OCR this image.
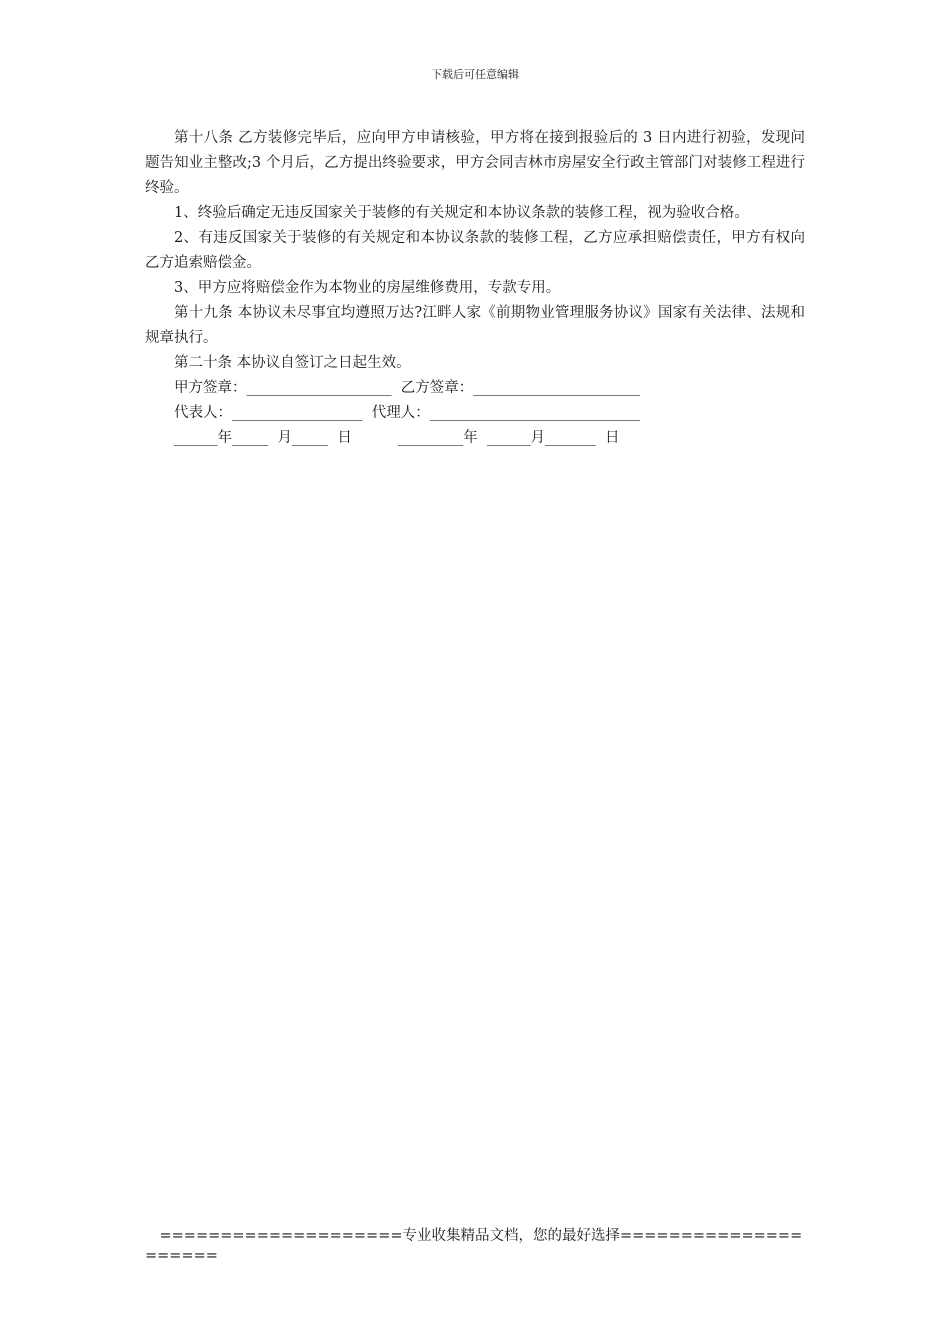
下载后可任意编辑

第十八条 乙方装修完毕后，应向甲方申请核验，甲方将在接到报验后的 3 日内进行初验，发现问题告知业主整改;3 个月后，乙方提出终验要求，甲方会同吉林市房屋安全行政主管部门对装修工程进行终验。

1、终验后确定无违反国家关于装修的有关规定和本协议条款的装修工程，视为验收合格。

2、有违反国家关于装修的有关规定和本协议条款的装修工程，乙方应承担赔偿责任，甲方有权向乙方追索赔偿金。

3、甲方应将赔偿金作为本物业的房屋维修费用，专款专用。

第十九条 本协议未尽事宜均遵照万达?江畔人家《前期物业管理服务协议》国家有关法律、法规和规章执行。

第二十条 本协议自签订之日起生效。

甲方签章：____________________  乙方签章：_______________________

代表人：__________________  代理人：_____________________________

______年_____  月_____  日          _________年  ______月_______  日

====================专业收集精品文档，您的最好选择=====================
